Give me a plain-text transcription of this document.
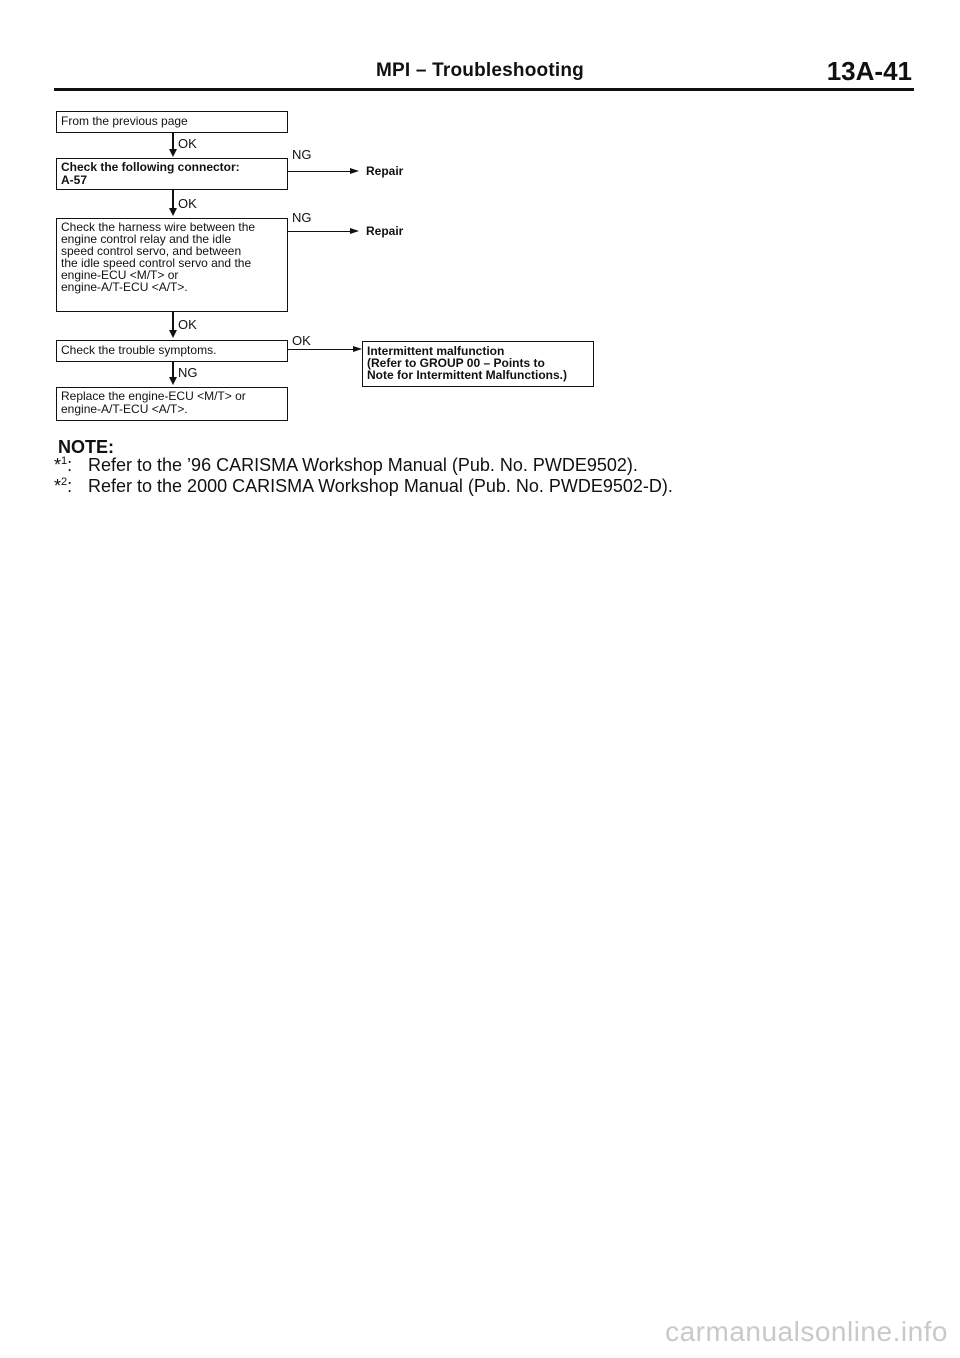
MPI – Troubleshooting	13A-41
From the previous page
OK
Check the following connector:
A-57
NG
Repair
OK
Check the harness wire between the
engine control relay and the idle
speed control servo, and between
the idle speed control servo and the
engine-ECU <M/T> or
engine-A/T-ECU <A/T>.
NG
Repair
OK
Check the trouble symptoms.
OK
Intermittent malfunction
(Refer to GROUP 00 – Points to
Note for Intermittent Malfunctions.)
NG
Replace the engine-ECU <M/T> or
engine-A/T-ECU <A/T>.
NOTE:
*$^1$: Refer to the ’96 CARISMA Workshop Manual (Pub. No. PWDE9502).
*$^2$: Refer to the 2000 CARISMA Workshop Manual (Pub. No. PWDE9502-D).
carmanualsonline.info
